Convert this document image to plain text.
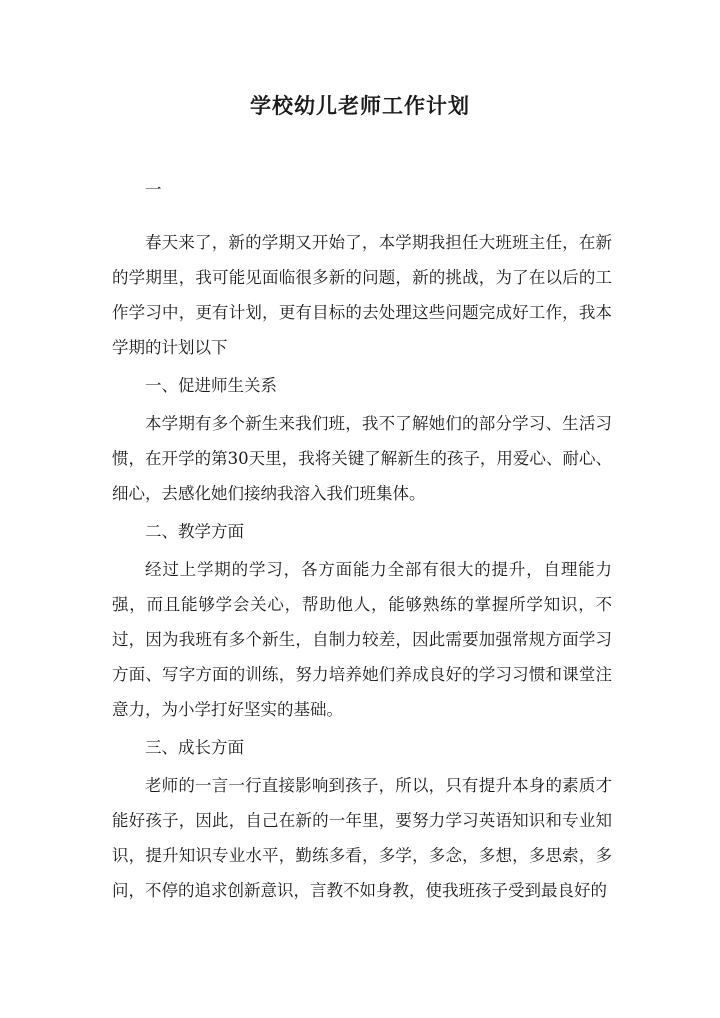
学校幼儿老师工作计划

一

春天来了，新的学期又开始了，本学期我担任大班班主任，在新的学期里，我可能见面临很多新的问题，新的挑战，为了在以后的工作学习中，更有计划，更有目标的去处理这些问题完成好工作，我本学期的计划以下

一、促进师生关系

本学期有多个新生来我们班，我不了解她们的部分学习、生活习惯，在开学的第30天里，我将关键了解新生的孩子，用爱心、耐心、细心，去感化她们接纳我溶入我们班集体。

二、教学方面

经过上学期的学习，各方面能力全部有很大的提升，自理能力强，而且能够学会关心，帮助他人，能够熟练的掌握所学知识，不过，因为我班有多个新生，自制力较差，因此需要加强常规方面学习方面、写字方面的训练，努力培养她们养成良好的学习习惯和课堂注意力，为小学打好坚实的基础。

三、成长方面

老师的一言一行直接影响到孩子，所以，只有提升本身的素质才能好孩子，因此，自己在新的一年里，要努力学习英语知识和专业知识，提升知识专业水平，勤练多看，多学，多念，多想，多思索，多问，不停的追求创新意识，言教不如身教，使我班孩子受到最良好的
